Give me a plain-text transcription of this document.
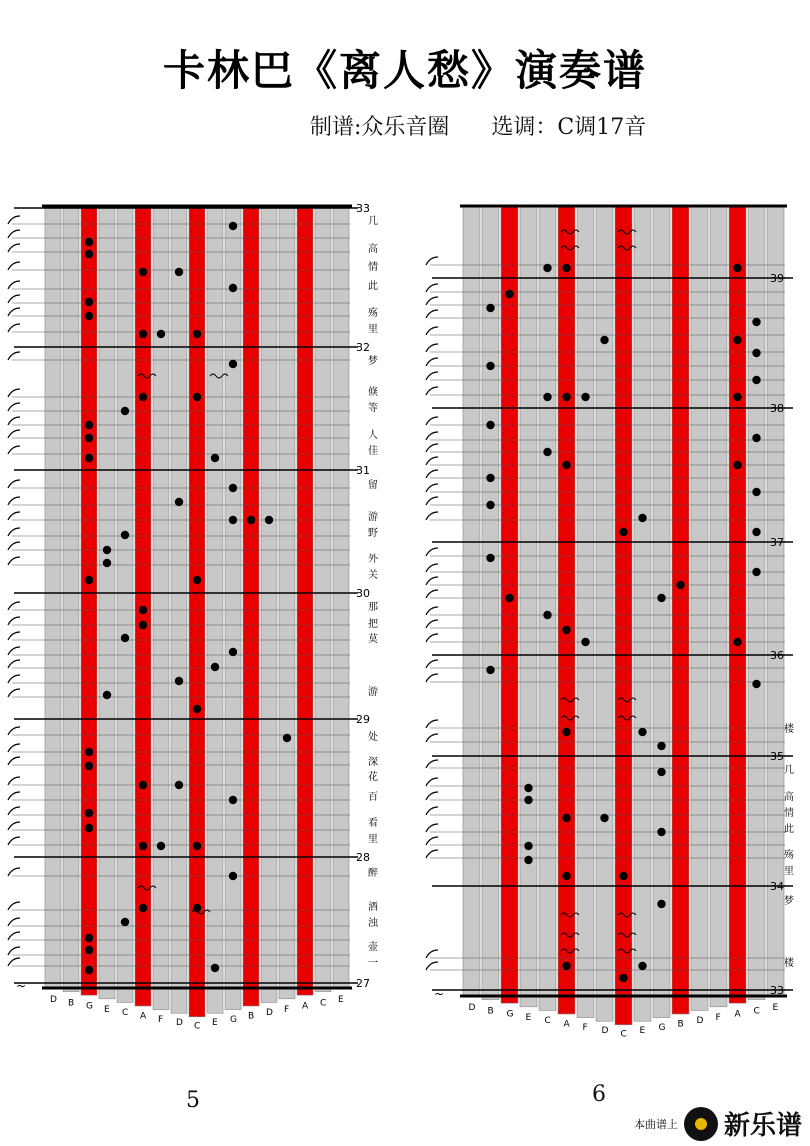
卡林巴《离人愁》演奏谱
制谱:众乐音圈      选调：C调17音
33
32
31
30
29
28
27
D B G E C A F D C E G B D F A C E
几
高
情
此
殇
里
梦
倏
等
人
佳
留
游
野
外
关
那
把
莫
游
处
深
花
百
看
里
醉
酒
浊
壶
一
~
39
38
37
36
35
34
33
D B G E C A F D C E G B D F A C E
楼
几
高
情
此
殇
里
梦
楼
~
5	6
本曲谱上 新乐谱
